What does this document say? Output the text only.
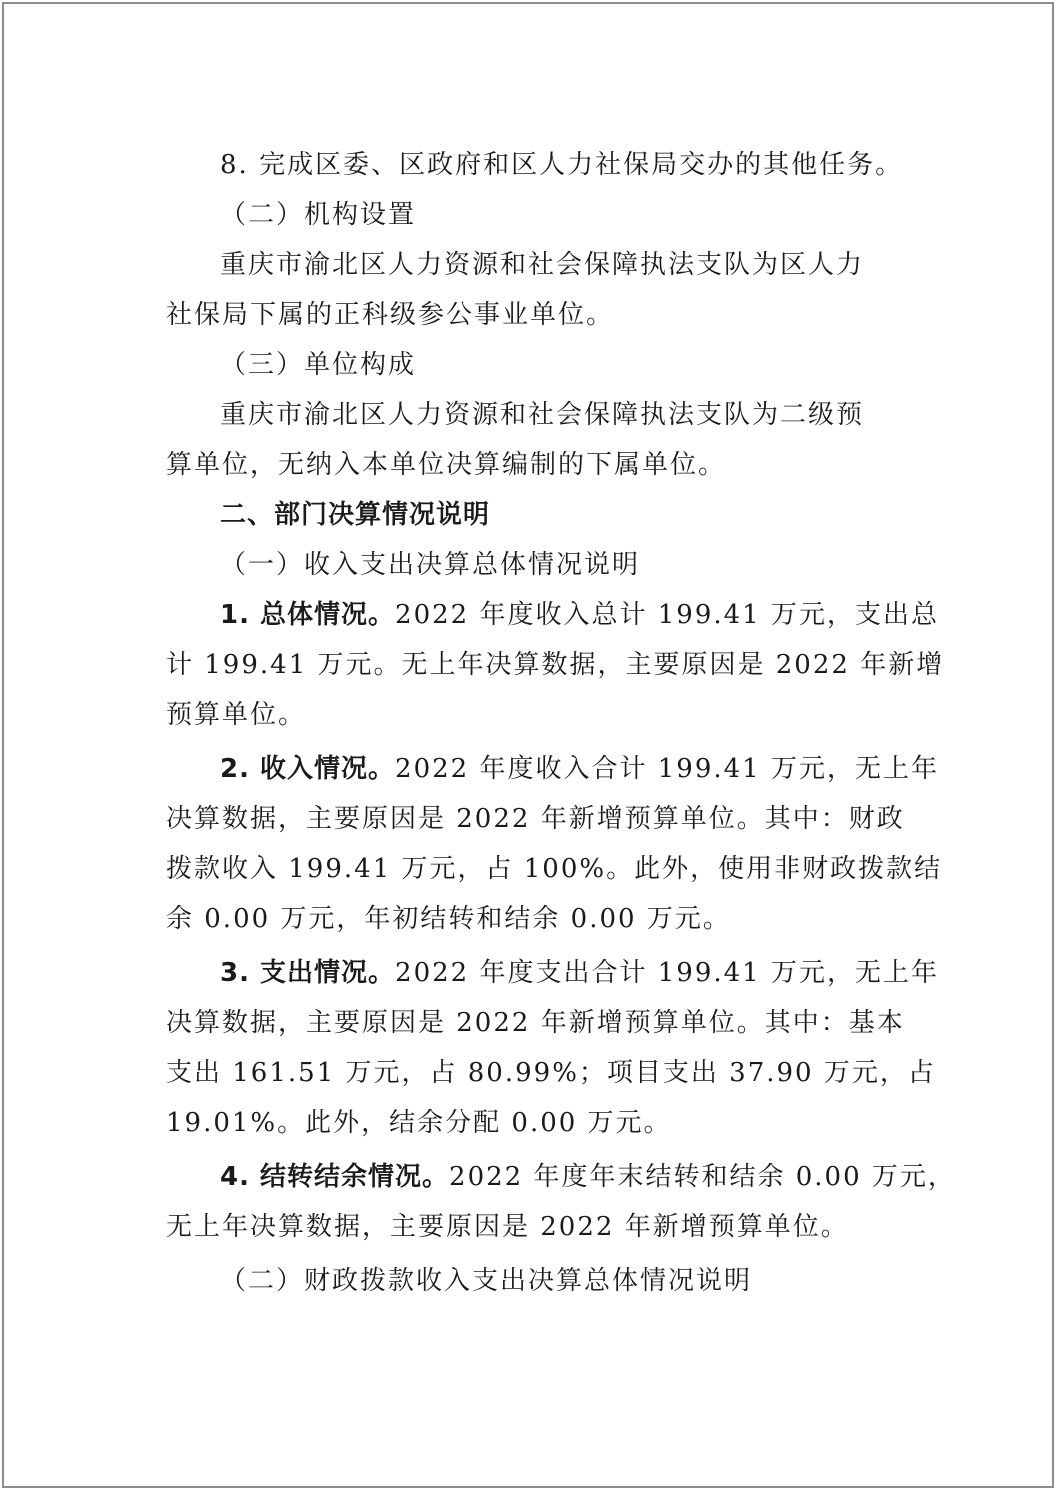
8. 完成区委、区政府和区人力社保局交办的其他任务。
（二）机构设置
重庆市渝北区人力资源和社会保障执法支队为区人力
社保局下属的正科级参公事业单位。
（三）单位构成
重庆市渝北区人力资源和社会保障执法支队为二级预
算单位，无纳入本单位决算编制的下属单位。
二、部门决算情况说明
（一）收入支出决算总体情况说明
1. 总体情况。2022 年度收入总计 199.41 万元，支出总
计 199.41 万元。无上年决算数据，主要原因是 2022 年新增
预算单位。
2. 收入情况。2022 年度收入合计 199.41 万元，无上年
决算数据，主要原因是 2022 年新增预算单位。其中：财政
拨款收入 199.41 万元，占 100%。此外，使用非财政拨款结
余 0.00 万元，年初结转和结余 0.00 万元。
3. 支出情况。2022 年度支出合计 199.41 万元，无上年
决算数据，主要原因是 2022 年新增预算单位。其中：基本
支出 161.51 万元，占 80.99%；项目支出 37.90 万元，占
19.01%。此外，结余分配 0.00 万元。
4. 结转结余情况。2022 年度年末结转和结余 0.00 万元，
无上年决算数据，主要原因是 2022 年新增预算单位。
（二）财政拨款收入支出决算总体情况说明
